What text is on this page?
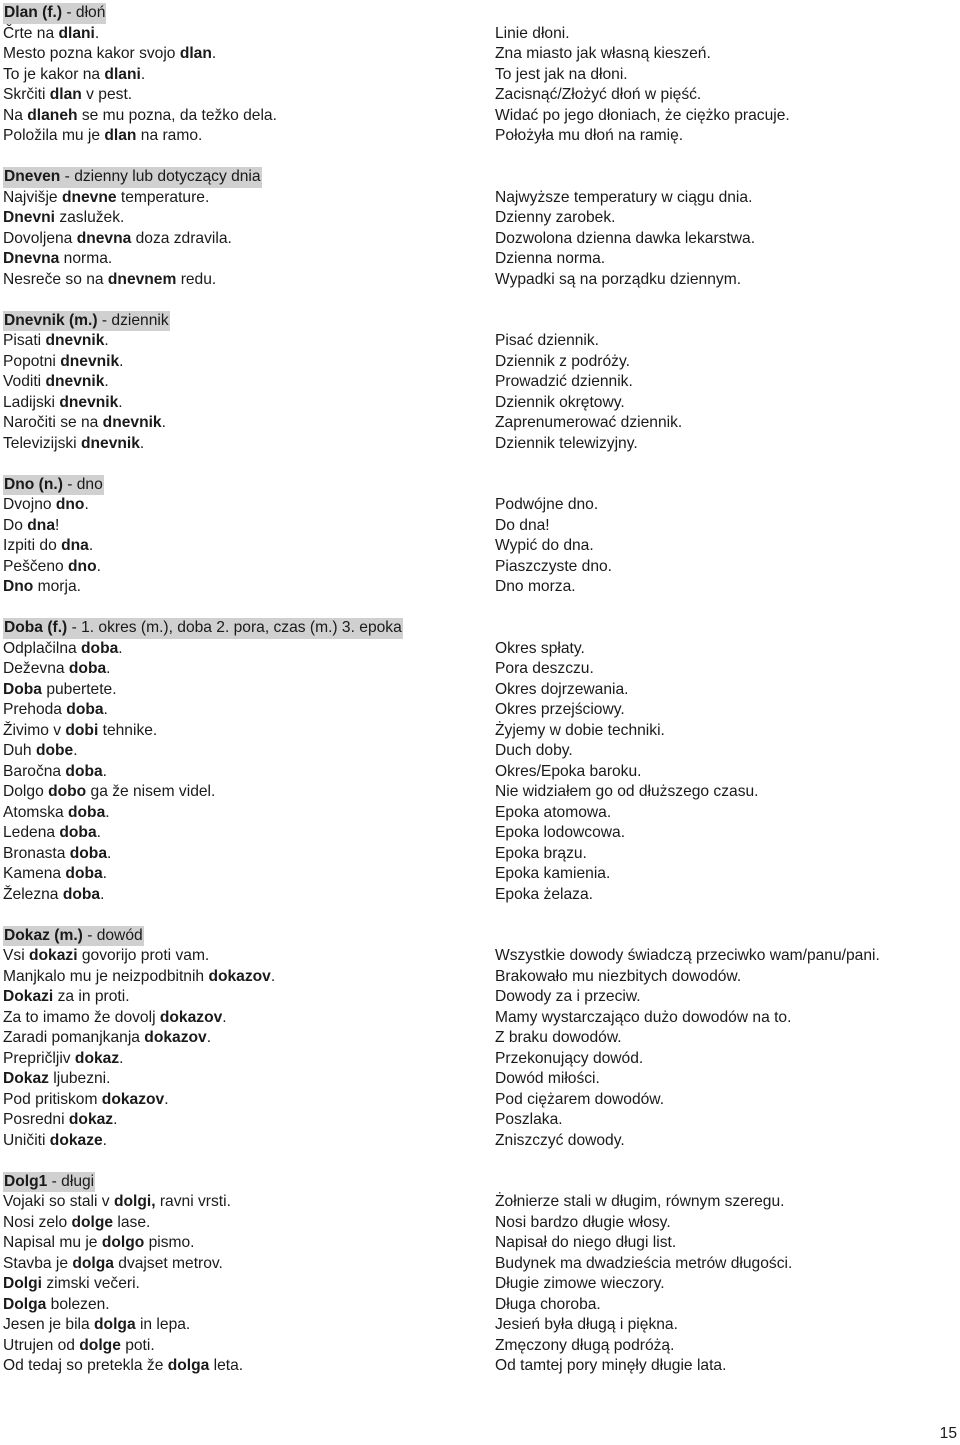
Dlan (f.) - dłoń
Črte na dlani.	Linie dłoni.
Mesto pozna kakor svojo dlan.	Zna miasto jak własną kieszeń.
To je kakor na dlani.	To jest jak na dłoni.
Skrčiti dlan v pest.	Zacisnąć/Złożyć dłoń w pięść.
Na dlaneh se mu pozna, da težko dela.	Widać po jego dłoniach, że ciężko pracuje.
Položila mu je dlan na ramo.	Położyła mu dłoń na ramię.
Dneven - dzienny lub dotyczący dnia
Najvišje dnevne temperature.	Najwyższe temperatury w ciągu dnia.
Dnevni zaslužek.	Dzienny zarobek.
Dovoljena dnevna doza zdravila.	Dozwolona dzienna dawka lekarstwa.
Dnevna norma.	Dzienna norma.
Nesreče so na dnevnem redu.	Wypadki są na porządku dziennym.
Dnevnik (m.) - dziennik
Pisati dnevnik.	Pisać dziennik.
Popotni dnevnik.	Dziennik z podróży.
Voditi dnevnik.	Prowadzić dziennik.
Ladijski dnevnik.	Dziennik okrętowy.
Naročiti se na dnevnik.	Zaprenumerować dziennik.
Televizijski dnevnik.	Dziennik telewizyjny.
Dno (n.) - dno
Dvojno dno.	Podwójne dno.
Do dna!	Do dna!
Izpiti do dna.	Wypić do dna.
Peščeno dno.	Piaszczyste dno.
Dno morja.	Dno morza.
Doba (f.) - 1. okres (m.), doba 2. pora, czas (m.) 3. epoka
Odplačilna doba.	Okres spłaty.
Deževna doba.	Pora deszczu.
Doba pubertete.	Okres dojrzewania.
Prehoda doba.	Okres przejściowy.
Živimo v dobi tehnike.	Żyjemy w dobie techniki.
Duh dobe.	Duch doby.
Baročna doba.	Okres/Epoka baroku.
Dolgo dobo ga že nisem videl.	Nie widziałem go od dłuższego czasu.
Atomska doba.	Epoka atomowa.
Ledena doba.	Epoka lodowcowa.
Bronasta doba.	Epoka brązu.
Kamena doba.	Epoka kamienia.
Železna doba.	Epoka żelaza.
Dokaz (m.) - dowód
Vsi dokazi govorijo proti vam.	Wszystkie dowody świadczą przeciwko wam/panu/pani.
Manjkalo mu je neizpodbitnih dokazov.	Brakowało mu niezbitych dowodów.
Dokazi za in proti.	Dowody za i przeciw.
Za to imamo že dovolj dokazov.	Mamy wystarczająco dużo dowodów na to.
Zaradi pomanjkanja dokazov.	Z braku dowodów.
Prepričljiv dokaz.	Przekonujący dowód.
Dokaz ljubezni.	Dowód miłości.
Pod pritiskom dokazov.	Pod ciężarem dowodów.
Posredni dokaz.	Poszlaka.
Uničiti dokaze.	Zniszczyć dowody.
Dolg1 - długi
Vojaki so stali v dolgi, ravni vrsti.	Żołnierze stali w długim, równym szeregu.
Nosi zelo dolge lase.	Nosi bardzo długie włosy.
Napisal mu je dolgo pismo.	Napisał do niego długi list.
Stavba je dolga dvajset metrov.	Budynek ma dwadzieścia metrów długości.
Dolgi zimski večeri.	Długie zimowe wieczory.
Dolga bolezen.	Długa choroba.
Jesen je bila dolga in lepa.	Jesień była długą i piękna.
Utrujen od dolge poti.	Zmęczony długą podróżą.
Od tedaj so pretekla že dolga leta.	Od tamtej pory minęły długie lata.
15
